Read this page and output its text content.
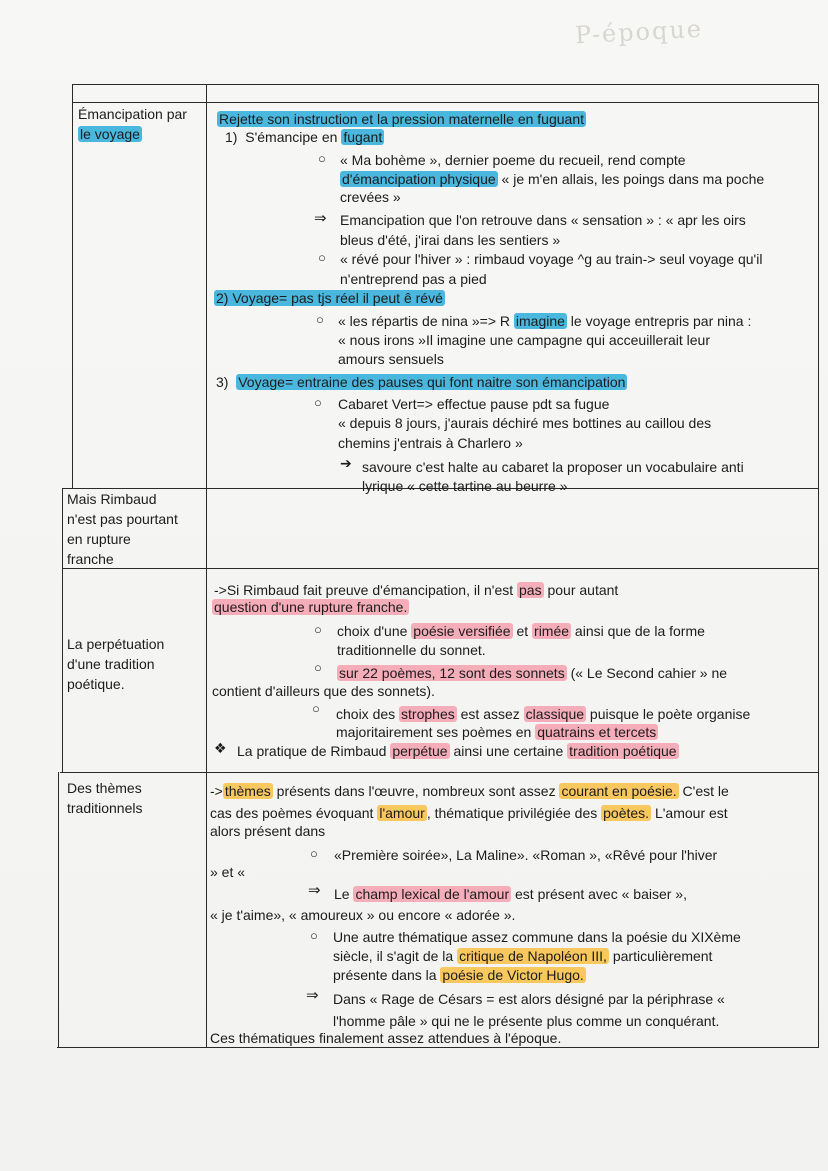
P-époque
Émancipation par
le voyage
Rejette son instruction et la pression maternelle en fuguant
1) S'émancipe en fugant
○ « Ma bohème », dernier poeme du recueil, rend compte
d'émancipation physique « je m'en allais, les poings dans ma poche
crevées »
⇒ Emancipation que l'on retrouve dans « sensation » : « apr les oirs
bleus d'été, j'irai dans les sentiers »
○ « révé pour l'hiver » : rimbaud voyage ^g au train-> seul voyage qu'il
n'entreprend pas a pied
2) Voyage= pas tjs réel il peut ê révé
○ « les répartis de nina »=> R imagine le voyage entrepris par nina :
« nous irons »Il imagine une campagne qui acceuillerait leur
amours sensuels
3) Voyage= entraine des pauses qui font naitre son émancipation
○ Cabaret Vert=> effectue pause pdt sa fugue
« depuis 8 jours, j'aurais déchiré mes bottines au caillou des
chemins j'entrais à Charlero »
➔ savoure c'est halte au cabaret la proposer un vocabulaire anti
lyrique « cette tartine au beurre »
Mais Rimbaud
n'est pas pourtant
en rupture
franche
La perpétuation
d'une tradition
poétique.
->Si Rimbaud fait preuve d'émancipation, il n'est pas pour autant
question d'une rupture franche.
○ choix d'une poésie versifiée et rimée ainsi que de la forme
traditionnelle du sonnet.
○ sur 22 poèmes, 12 sont des sonnets (« Le Second cahier » ne
contient d'ailleurs que des sonnets).
○ choix des strophes est assez classique puisque le poète organise
majoritairement ses poèmes en quatrains et tercets
❖ La pratique de Rimbaud perpétue ainsi une certaine tradition poétique
Des thèmes
traditionnels
-> thèmes présents dans l'œuvre, nombreux sont assez courant en poésie. C'est le
cas des poèmes évoquant l'amour , thématique privilégiée des poètes. L'amour est
alors présent dans
○ «Première soirée», La Maline». «Roman », «Rêvé pour l'hiver
» et «
⇒ Le champ lexical de l'amour est présent avec « baiser »,
« je t'aime», « amoureux » ou encore « adorée ».
○ Une autre thématique assez commune dans la poésie du XIXème
siècle, il s'agit de la critique de Napoléon III, particulièrement
présente dans la poésie de Victor Hugo.
⇒ Dans « Rage de Césars = est alors désigné par la périphrase «
l'homme pâle » qui ne le présente plus comme un conquérant.
Ces thématiques finalement assez attendues à l'époque.
